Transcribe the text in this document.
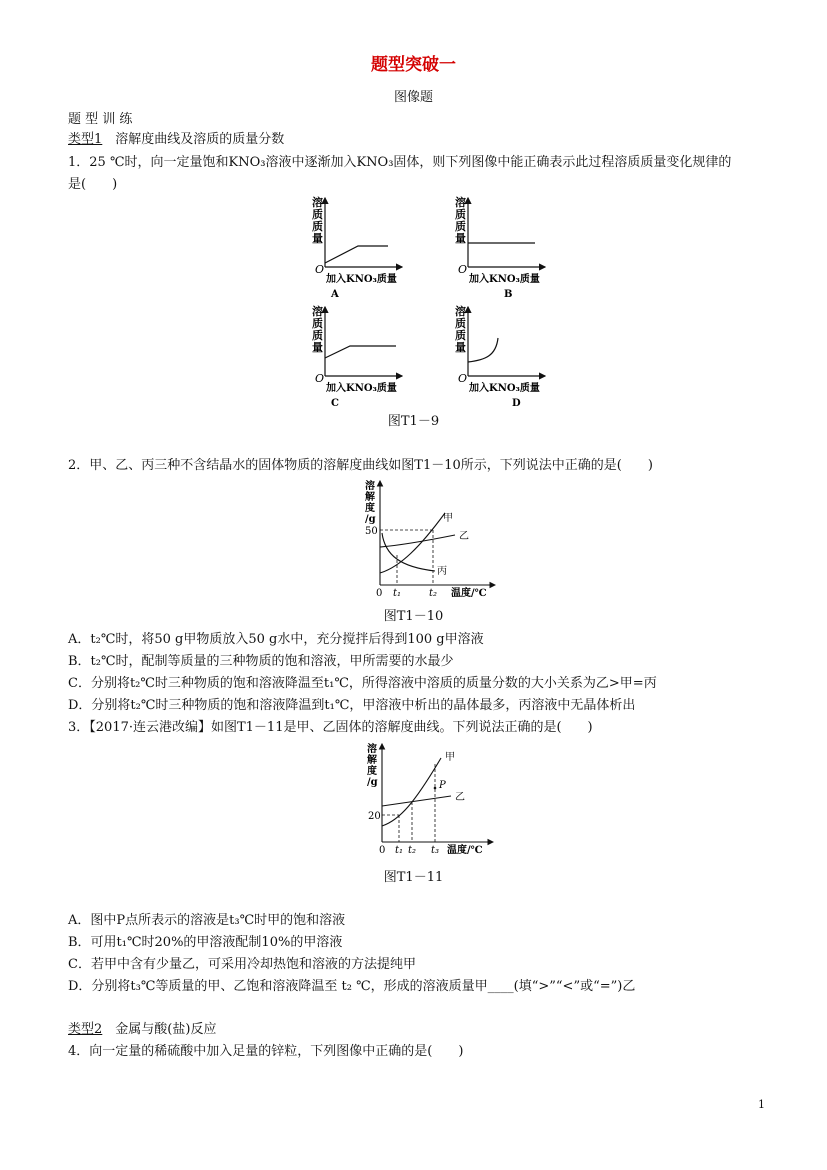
题型突破一
图像题
题 型 训 练
类型1　 溶解度曲线及溶质的质量分数
1．25 ℃时，向一定量饱和KNO₃溶液中逐渐加入KNO₃固体，则下列图像中能正确表示此过程溶质质量变化规律的
是(　　)
溶
质
质
量
O
加入KNO₃质量
A
溶
质
质
量
O
加入KNO₃质量
B
溶
质
质
量
O
加入KNO₃质量
C
溶
质
质
量
O
加入KNO₃质量
D
图T1－9
2．甲、乙、丙三种不含结晶水的固体物质的溶解度曲线如图T1－10所示，下列说法中正确的是(　　)
溶
解
度
/g
50
0 t₁	t₂ 温度/℃
甲
乙
丙
图T1－10
A．t₂℃时，将50 g甲物质放入50 g水中，充分搅拌后得到100 g甲溶液
B．t₂℃时，配制等质量的三种物质的饱和溶液，甲所需要的水最少
C．分别将t₂℃时三种物质的饱和溶液降温至t₁℃，所得溶液中溶质的质量分数的大小关系为乙>甲=丙
D．分别将t₂℃时三种物质的饱和溶液降温到t₁℃，甲溶液中析出的晶体最多，丙溶液中无晶体析出
3．【2017·连云港改编】如图T1－11是甲、乙固体的溶解度曲线。下列说法正确的是(　　)
溶
解
度
/g
20
0 t₁ t₂ t₃ 温度/℃
甲
乙
P
图T1－11
A．图中P点所表示的溶液是t₃℃时甲的饱和溶液
B．可用t₁℃时20%的甲溶液配制10%的甲溶液
C．若甲中含有少量乙，可采用冷却热饱和溶液的方法提纯甲
D．分别将t₃℃等质量的甲、乙饱和溶液降温至 t₂ ℃，形成的溶液质量甲____(填“>”“<”或“=”)乙
类型2　 金属与酸(盐)反应
4．向一定量的稀硫酸中加入足量的锌粒，下列图像中正确的是(　　)
1
